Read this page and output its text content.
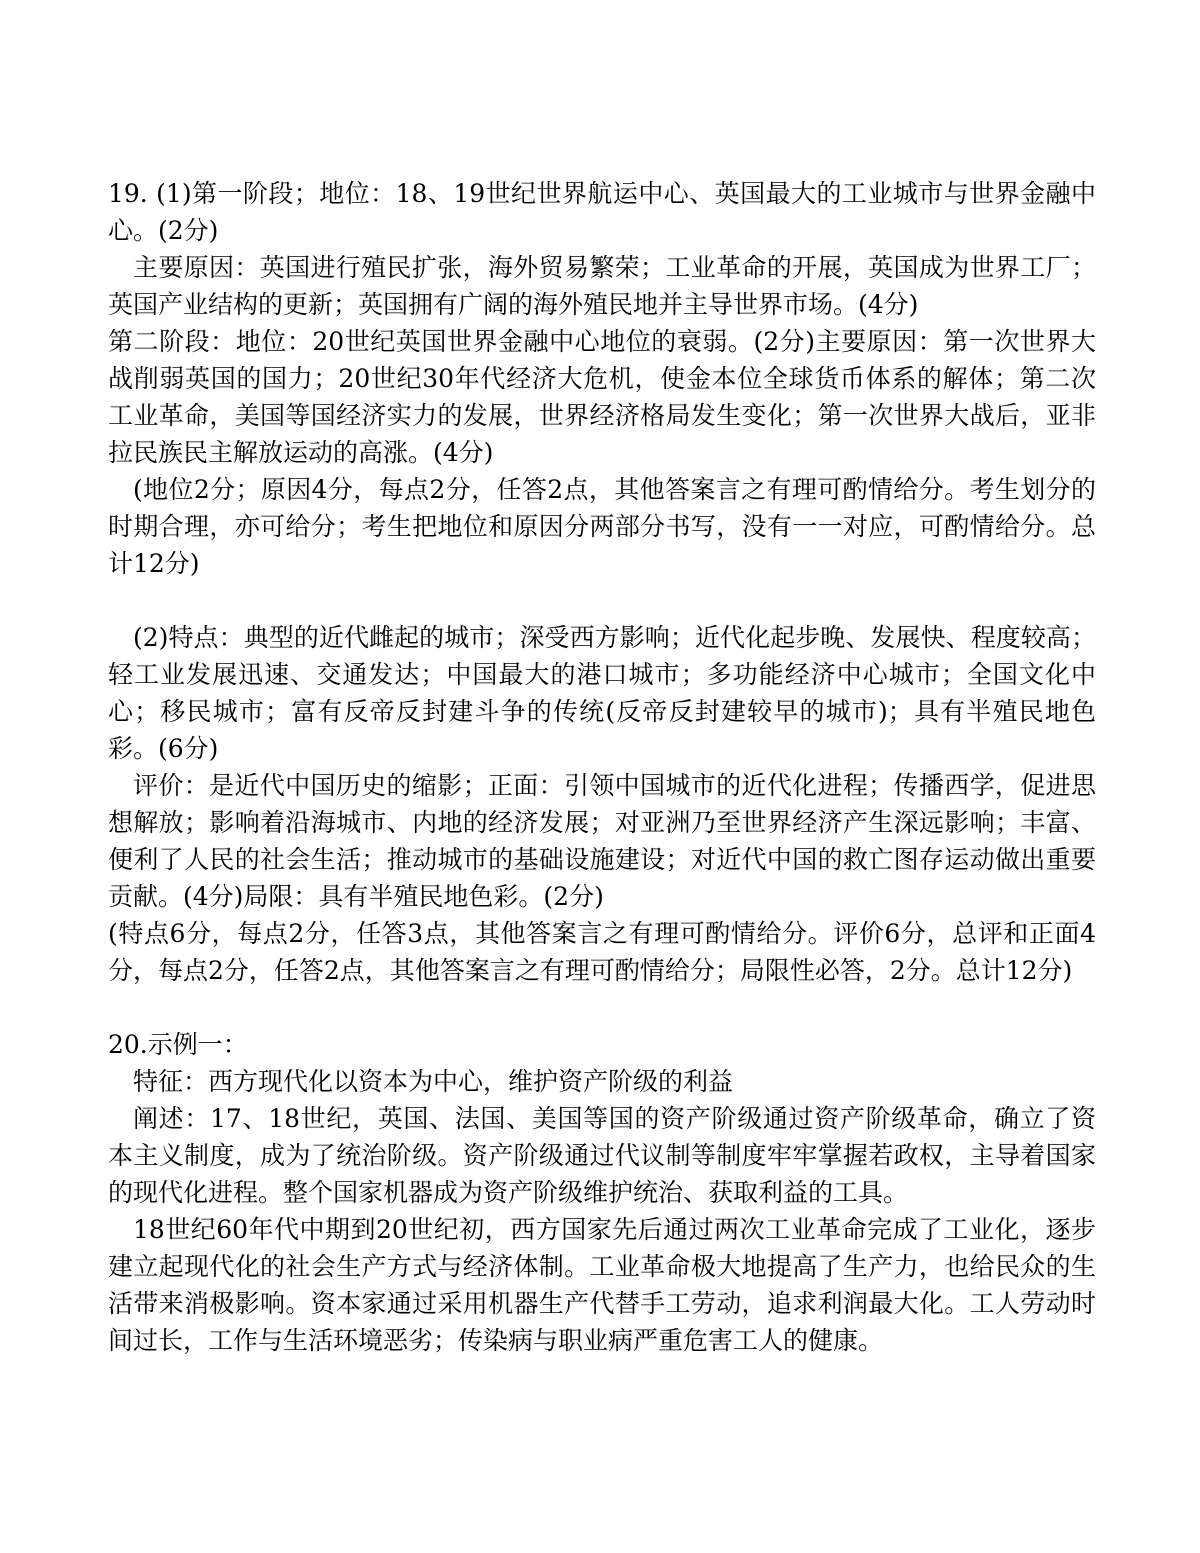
19. (1)第一阶段；地位：18、19世纪世界航运中心、英国最大的工业城市与世界金融中心。(2分)

主要原因：英国进行殖民扩张，海外贸易繁荣；工业革命的开展，英国成为世界工厂；英国产业结构的更新；英国拥有广阔的海外殖民地并主导世界市场。(4分)

第二阶段：地位：20世纪英国世界金融中心地位的衰弱。(2分)主要原因：第一次世界大战削弱英国的国力；20世纪30年代经济大危机，使金本位全球货币体系的解体；第二次工业革命，美国等国经济实力的发展，世界经济格局发生变化；第一次世界大战后，亚非拉民族民主解放运动的高涨。(4分)

(地位2分；原因4分，每点2分，任答2点，其他答案言之有理可酌情给分。考生划分的时期合理，亦可给分；考生把地位和原因分两部分书写，没有一一对应，可酌情给分。总计12分)

(2)特点：典型的近代雌起的城市；深受西方影响；近代化起步晚、发展快、程度较高；轻工业发展迅速、交通发达；中国最大的港口城市；多功能经济中心城市；全国文化中心；移民城市；富有反帝反封建斗争的传统(反帝反封建较早的城市)；具有半殖民地色彩。(6分)

评价：是近代中国历史的缩影；正面：引领中国城市的近代化进程；传播西学，促进思想解放；影响着沿海城市、内地的经济发展；对亚洲乃至世界经济产生深远影响；丰富、便利了人民的社会生活；推动城市的基础设施建设；对近代中国的救亡图存运动做出重要贡献。(4分)局限：具有半殖民地色彩。(2分)

(特点6分，每点2分，任答3点，其他答案言之有理可酌情给分。评价6分，总评和正面4分，每点2分，任答2点，其他答案言之有理可酌情给分；局限性必答，2分。总计12分)

20.示例一：

特征：西方现代化以资本为中心，维护资产阶级的利益

阐述：17、18世纪，英国、法国、美国等国的资产阶级通过资产阶级革命，确立了资本主义制度，成为了统治阶级。资产阶级通过代议制等制度牢牢掌握若政权，主导着国家的现代化进程。整个国家机器成为资产阶级维护统治、获取利益的工具。

18世纪60年代中期到20世纪初，西方国家先后通过两次工业革命完成了工业化，逐步建立起现代化的社会生产方式与经济体制。工业革命极大地提高了生产力，也给民众的生活带来消极影响。资本家通过采用机器生产代替手工劳动，追求利润最大化。工人劳动时间过长，工作与生活环境恶劣；传染病与职业病严重危害工人的健康。
